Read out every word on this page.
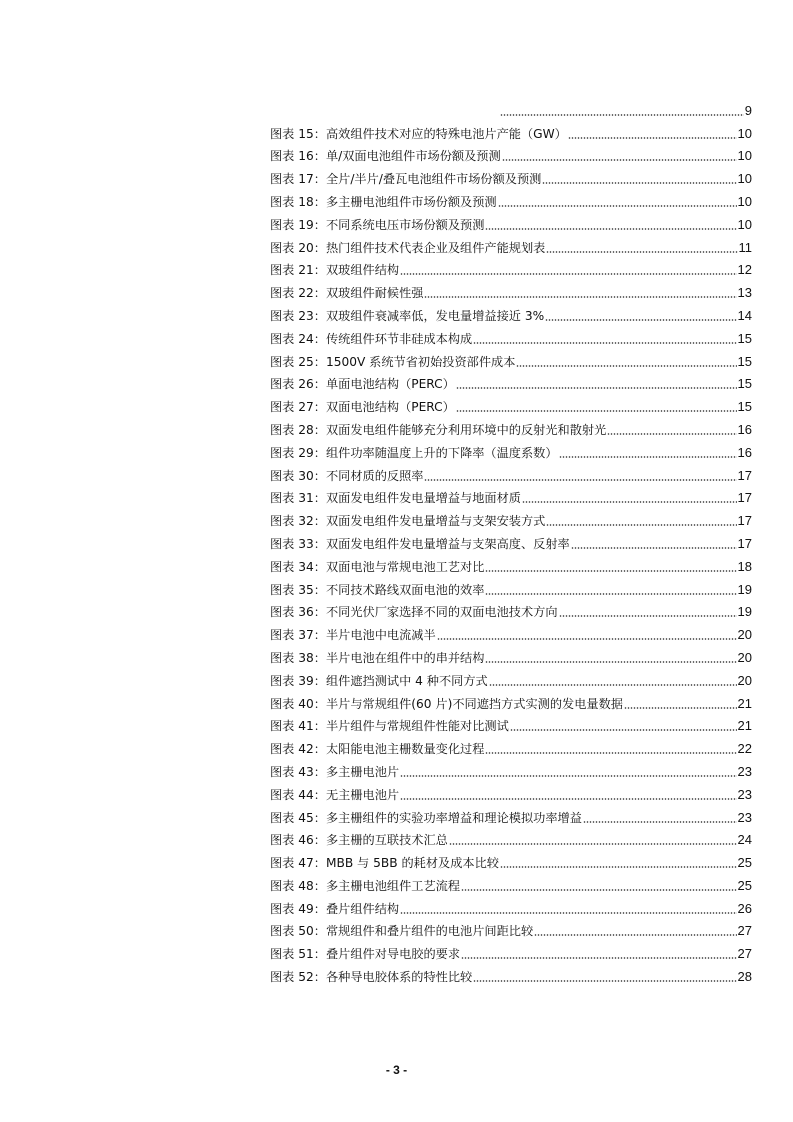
9
图表 15：高效组件技术对应的特殊电池片产能（GW）	10
图表 16：单/双面电池组件市场份额及预测	10
图表 17：全片/半片/叠瓦电池组件市场份额及预测	10
图表 18：多主栅电池组件市场份额及预测	10
图表 19：不同系统电压市场份额及预测	10
图表 20：热门组件技术代表企业及组件产能规划表	11
图表 21：双玻组件结构	12
图表 22：双玻组件耐候性强	13
图表 23：双玻组件衰减率低，发电量增益接近 3%	14
图表 24：传统组件环节非硅成本构成	15
图表 25：1500V 系统节省初始投资部件成本	15
图表 26：单面电池结构（PERC）	15
图表 27：双面电池结构（PERC）	15
图表 28：双面发电组件能够充分利用环境中的反射光和散射光	16
图表 29：组件功率随温度上升的下降率（温度系数）	16
图表 30：不同材质的反照率	17
图表 31：双面发电组件发电量增益与地面材质	17
图表 32：双面发电组件发电量增益与支架安装方式	17
图表 33：双面发电组件发电量增益与支架高度、反射率	17
图表 34：双面电池与常规电池工艺对比	18
图表 35：不同技术路线双面电池的效率	19
图表 36：不同光伏厂家选择不同的双面电池技术方向	19
图表 37：半片电池中电流减半	20
图表 38：半片电池在组件中的串并结构	20
图表 39：组件遮挡测试中 4 种不同方式	20
图表 40：半片与常规组件(60 片)不同遮挡方式实测的发电量数据	21
图表 41：半片组件与常规组件性能对比测试	21
图表 42：太阳能电池主栅数量变化过程	22
图表 43：多主栅电池片	23
图表 44：无主栅电池片	23
图表 45：多主栅组件的实验功率增益和理论模拟功率增益	23
图表 46：多主栅的互联技术汇总	24
图表 47：MBB 与 5BB 的耗材及成本比较	25
图表 48：多主栅电池组件工艺流程	25
图表 49：叠片组件结构	26
图表 50：常规组件和叠片组件的电池片间距比较	27
图表 51：叠片组件对导电胶的要求	27
图表 52：各种导电胶体系的特性比较	28
- 3 -
